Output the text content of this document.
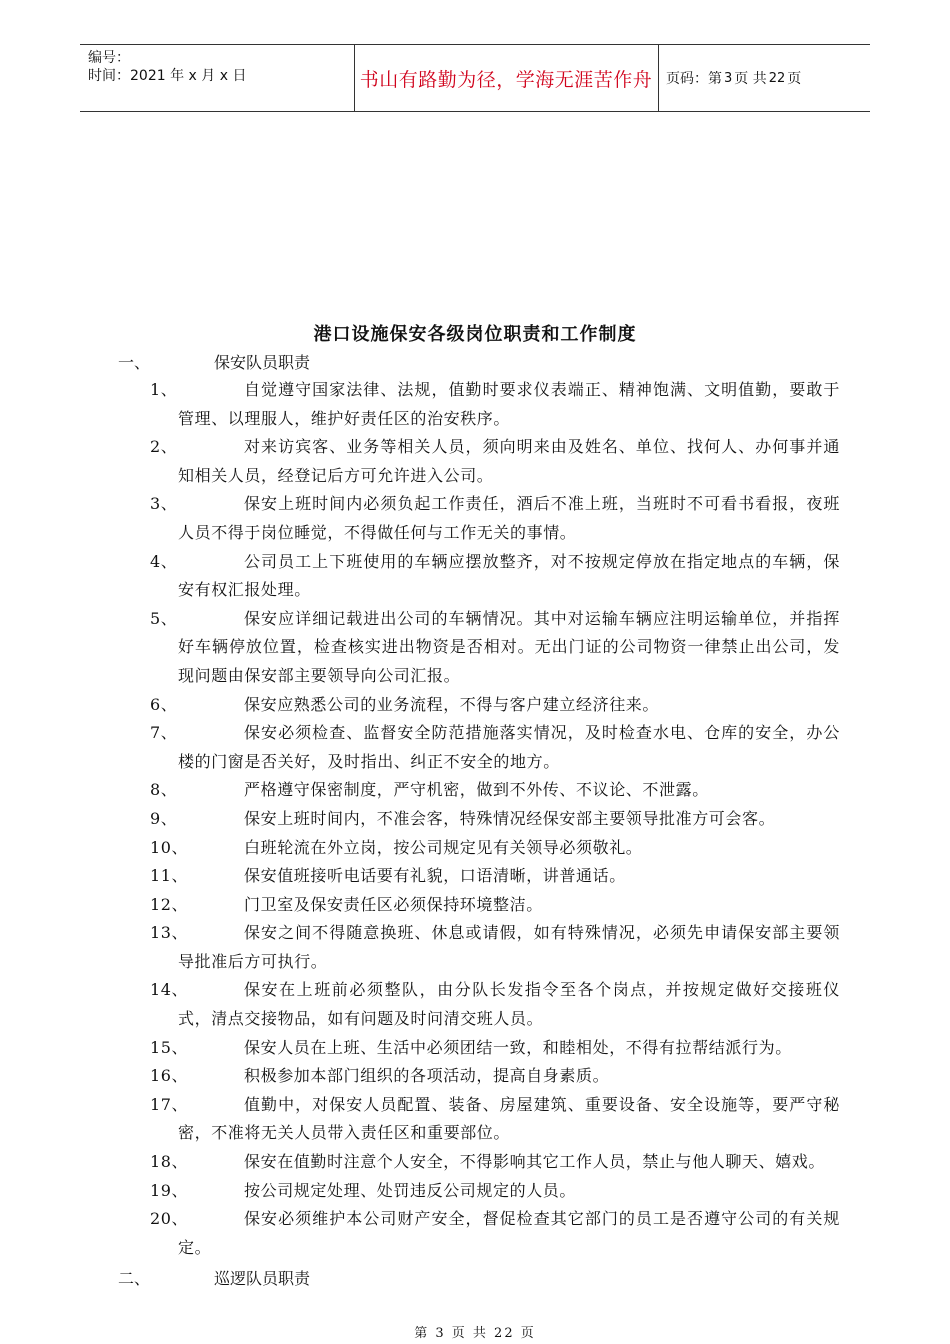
编号：
时间：2021 年 x 月 x 日	书山有路勤为径，学海无涯苦作舟 页码：第 3 页 共 22 页
港口设施保安各级岗位职责和工作制度
一、	保安队员职责
1、	自觉遵守国家法律、法规，值勤时要求仪表端正、精神饱满、文明值勤，要敢于管理、以理服人，维护好责任区的治安秩序。
2、	对来访宾客、业务等相关人员，须向明来由及姓名、单位、找何人、办何事并通知相关人员，经登记后方可允许进入公司。
3、	保安上班时间内必须负起工作责任，酒后不准上班，当班时不可看书看报，夜班人员不得于岗位睡觉，不得做任何与工作无关的事情。
4、	公司员工上下班使用的车辆应摆放整齐，对不按规定停放在指定地点的车辆，保安有权汇报处理。
5、	保安应详细记载进出公司的车辆情况。其中对运输车辆应注明运输单位，并指挥好车辆停放位置，检查核实进出物资是否相对。无出门证的公司物资一律禁止出公司，发现问题由保安部主要领导向公司汇报。
6、	保安应熟悉公司的业务流程，不得与客户建立经济往来。
7、	保安必须检查、监督安全防范措施落实情况，及时检查水电、仓库的安全，办公楼的门窗是否关好，及时指出、纠正不安全的地方。
8、	严格遵守保密制度，严守机密，做到不外传、不议论、不泄露。
9、	保安上班时间内，不准会客，特殊情况经保安部主要领导批准方可会客。
10、	白班轮流在外立岗，按公司规定见有关领导必须敬礼。
11、	保安值班接听电话要有礼貌，口语清晰，讲普通话。
12、	门卫室及保安责任区必须保持环境整洁。
13、	保安之间不得随意换班、休息或请假，如有特殊情况，必须先申请保安部主要领导批准后方可执行。
14、	保安在上班前必须整队，由分队长发指令至各个岗点，并按规定做好交接班仪式，清点交接物品，如有问题及时问清交班人员。
15、	保安人员在上班、生活中必须团结一致，和睦相处，不得有拉帮结派行为。
16、	积极参加本部门组织的各项活动，提高自身素质。
17、	值勤中，对保安人员配置、装备、房屋建筑、重要设备、安全设施等，要严守秘密，不准将无关人员带入责任区和重要部位。
18、	保安在值勤时注意个人安全，不得影响其它工作人员，禁止与他人聊天、嬉戏。
19、	按公司规定处理、处罚违反公司规定的人员。
20、	保安必须维护本公司财产安全，督促检查其它部门的员工是否遵守公司的有关规定。
二、	巡逻队员职责
第 3 页 共 22 页
